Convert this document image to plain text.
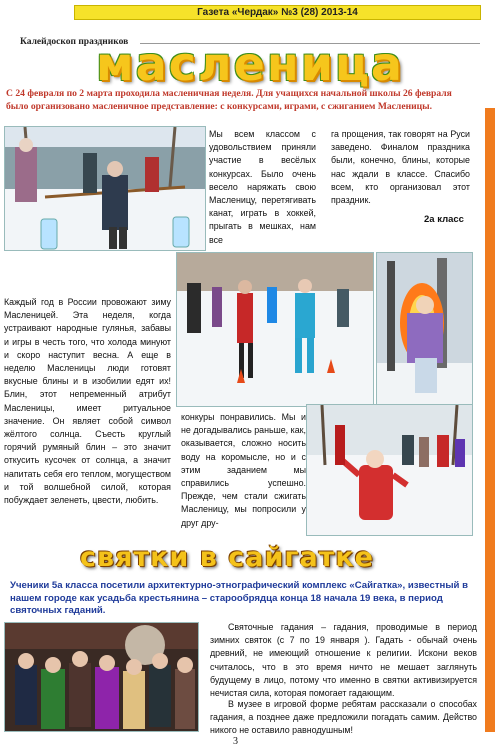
Газета «Чердак» №3 (28) 2013-14
Калейдоскоп праздников
масленица
С 24 февраля по 2 марта проходила масленичная неделя. Для учащихся начальной школы 26 февраля было организовано масленичное представление: с конкурсами, играми, с сжиганием Масленицы.
Мы всем классом с удовольствием приняли участие в весёлых конкурсах. Было очень весело наряжать свою Масленицу, перетягивать канат, играть в хоккей, прыгать в мешках, нам все
га прощения, так говорят на Руси заведено. Финалом праздника были, конечно, блины, которые нас ждали в классе. Спасибо всем, кто организовал этот праздник.
2а класс
Каждый год в России провожают зиму Масленицей. Эта неделя, когда устраивают народные гулянья, забавы и игры в честь того, что холода минуют и скоро наступит весна. А еще в неделю Масленицы люди готовят вкусные блины и в изобилии едят их! Блин, этот непременный атрибут Масленицы, имеет ритуальное значение. Он являет собой символ жёлтого солнца. Съесть круглый горячий румяный блин – это значит откусить кусочек от солнца, а значит напитать себя его теплом, могуществом и той волшебной силой, которая побуждает зеленеть, цвести, любить.
конкуры понравились. Мы и не догадывались раньше, как, оказывается, сложно носить воду на коромысле, но и с этим заданием мы справились успешно. Прежде, чем стали сжигать Масленицу, мы попросили у друг дру-
святки в сайгатке
Ученики 5а класса посетили архитектурно-этнографический комплекс «Сайгатка», известный в нашем городе как усадьба крестьянина – старообрядца конца 18 начала 19 века, в период святочных гаданий.
Святочные гадания – гадания, проводимые в период зимних святок (с 7 по 19 января ). Гадать - обычай очень древний, не имеющий отношение к религии. Искони веков считалось, что в это время ничто не мешает заглянуть будущему в лицо, потому что именно в святки активизируется нечистая сила, которая помогает гадающим.
В музее в игровой форме ребятам рассказали о способах гадания, а позднее даже предложили погадать самим. Действо никого не оставило равнодушным!
3
